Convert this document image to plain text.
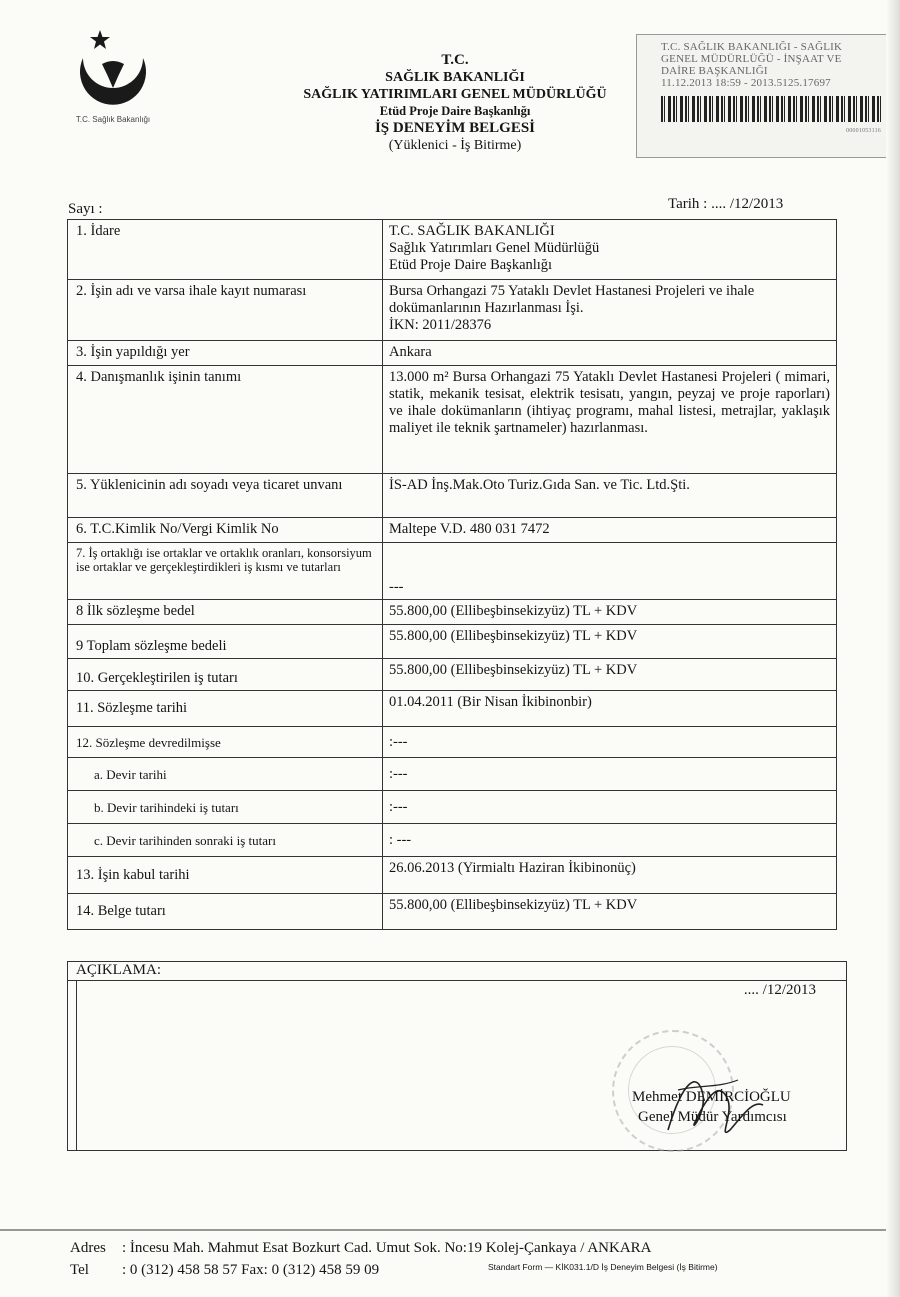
T.C. Sağlık Bakanlığı
T.C.
SAĞLIK BAKANLIĞI
SAĞLIK YATIRIMLARI GENEL MÜDÜRLÜĞÜ
Etüd Proje Daire Başkanlığı
İŞ DENEYİM BELGESİ
(Yüklenici - İş Bitirme)
T.C. SAĞLIK BAKANLIĞI - SAĞLIK
GENEL MÜDÜRLÜĞÜ - İNŞAAT VE
DAİRE BAŞKANLIĞI
11.12.2013 18:59 - 2013.5125.17697
00001053116
Sayı :	Tarih : .... /12/2013
1. İdare	T.C. SAĞLIK BAKANLIĞI
Sağlık Yatırımları Genel Müdürlüğü
Etüd Proje Daire Başkanlığı

2. İşin adı ve varsa ihale kayıt numarası	Bursa Orhangazi 75 Yataklı Devlet Hastanesi Projeleri ve ihale dokümanlarının Hazırlanması İşi.
İKN: 2011/28376

3. İşin yapıldığı yer	Ankara
4. Danışmanlık işinin tanımı	13.000 m² Bursa Orhangazi 75 Yataklı Devlet Hastanesi Projeleri ( mimari, statik, mekanik tesisat, elektrik tesisatı, yangın, peyzaj ve proje raporları) ve ihale dokümanların (ihtiyaç programı, mahal listesi, metrajlar, yaklaşık maliyet ile teknik şartnameler) hazırlanması.
5. Yüklenicinin adı soyadı veya ticaret unvanı	İS-AD İnş.Mak.Oto Turiz.Gıda San. ve Tic. Ltd.Şti.
6. T.C.Kimlik No/Vergi Kimlik No	Maltepe V.D. 480 031 7472
7. İş ortaklığı ise ortaklar ve ortaklık oranları, konsorsiyum ise ortaklar ve gerçekleştirdikleri iş kısmı ve tutarları	---
8 İlk sözleşme bedel	55.800,00 (Ellibeşbinsekizyüz) TL + KDV
9 Toplam sözleşme bedeli	55.800,00 (Ellibeşbinsekizyüz) TL + KDV
10. Gerçekleştirilen iş tutarı	55.800,00 (Ellibeşbinsekizyüz) TL + KDV
11. Sözleşme tarihi	01.04.2011 (Bir Nisan İkibinonbir)
12. Sözleşme devredilmişse	:---
a. Devir tarihi	:---
b. Devir tarihindeki iş tutarı	:---
c. Devir tarihinden sonraki iş tutarı	: ---
13. İşin kabul tarihi	26.06.2013 (Yirmialtı Haziran İkibinonüç)
14. Belge tutarı	55.800,00 (Ellibeşbinsekizyüz) TL + KDV
AÇIKLAMA:
.... /12/2013
Mehmet DEMİRCİOĞLU
Genel Müdür Yardımcısı
Adres : İncesu Mah. Mahmut Esat Bozkurt Cad. Umut Sok. No:19 Kolej-Çankaya / ANKARA
Tel : 0 (312) 458 58 57 Fax: 0 (312) 458 59 09	Standart Form — KİK031.1/D İş Deneyim Belgesi (İş Bitirme)
